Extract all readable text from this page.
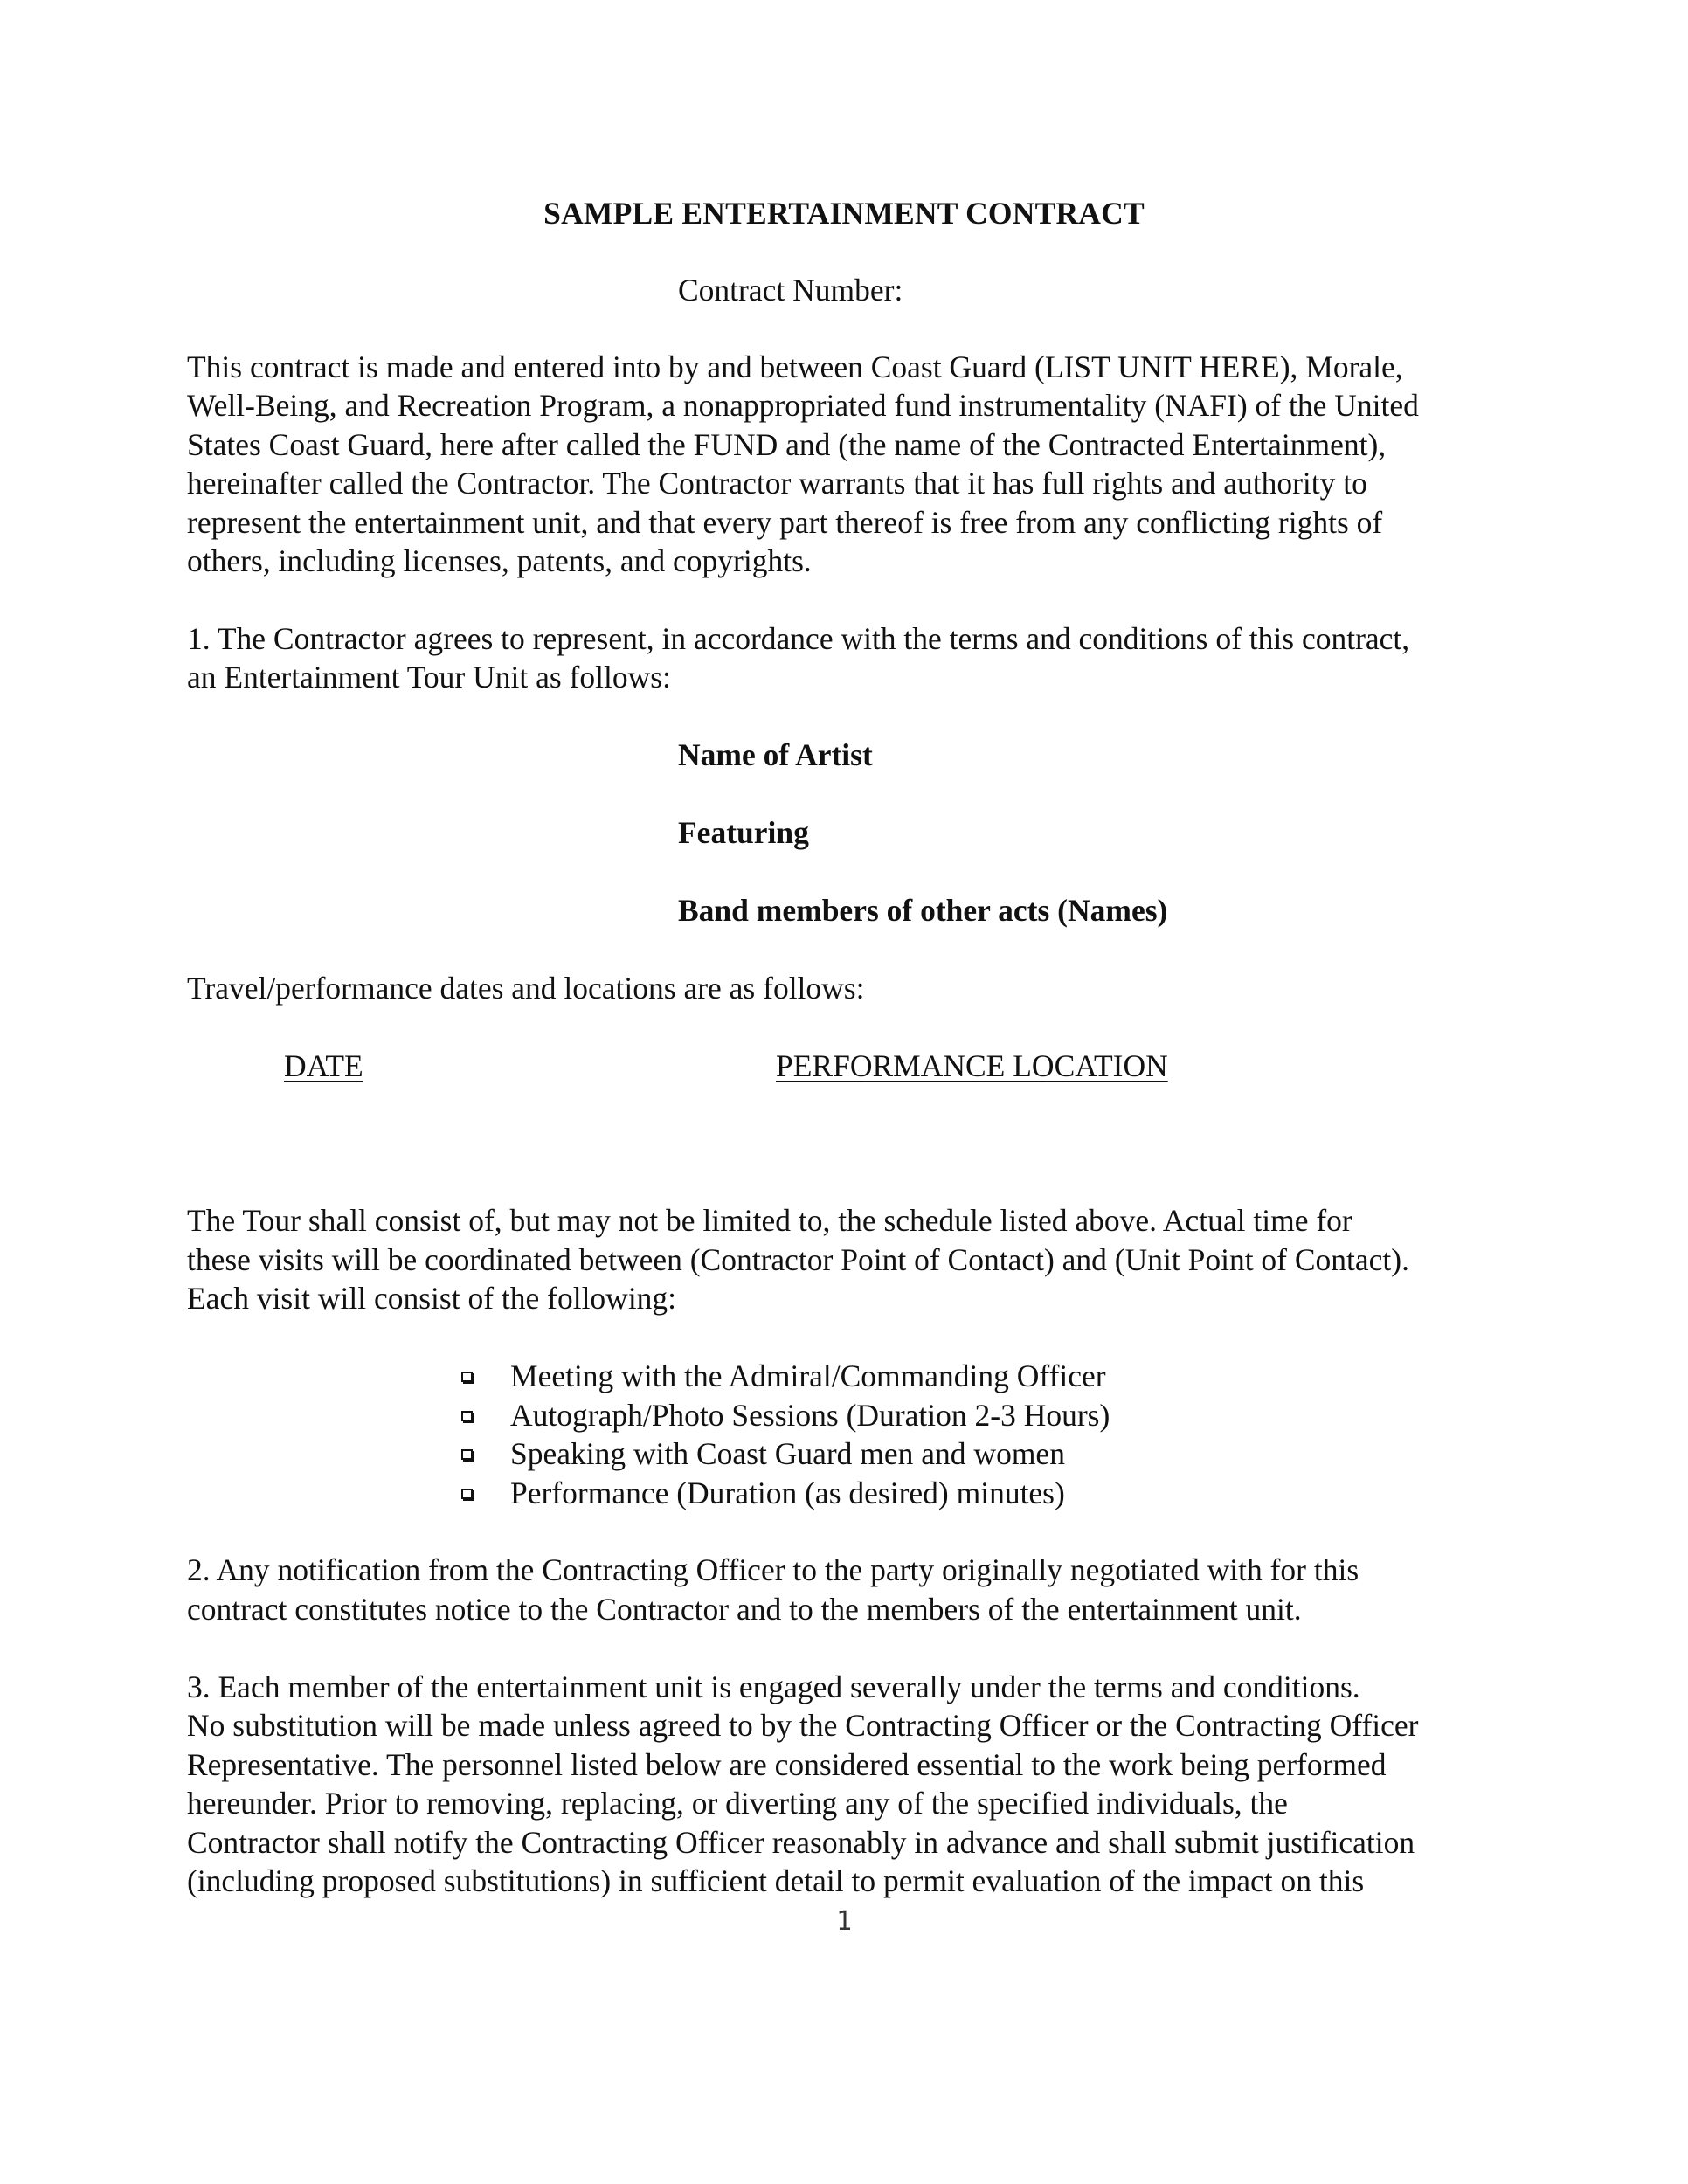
SAMPLE ENTERTAINMENT CONTRACT
Contract Number:
This contract is made and entered into by and between Coast Guard (LIST UNIT HERE), Morale,
Well-Being, and Recreation Program, a nonappropriated fund instrumentality (NAFI) of the United
States Coast Guard, here after called the FUND and (the name of the Contracted Entertainment),
hereinafter called the Contractor. The Contractor warrants that it has full rights and authority to
represent the entertainment unit, and that every part thereof is free from any conflicting rights of
others, including licenses, patents, and copyrights.
1. The Contractor agrees to represent, in accordance with the terms and conditions of this contract,
an Entertainment Tour Unit as follows:
Name of Artist
Featuring
Band members of other acts (Names)
Travel/performance dates and locations are as follows:
DATE	PERFORMANCE LOCATION
The Tour shall consist of, but may not be limited to, the schedule listed above. Actual time for
these visits will be coordinated between (Contractor Point of Contact) and (Unit Point of Contact).
Each visit will consist of the following:
Meeting with the Admiral/Commanding Officer
Autograph/Photo Sessions (Duration 2-3 Hours)
Speaking with Coast Guard men and women
Performance (Duration (as desired) minutes)
2. Any notification from the Contracting Officer to the party originally negotiated with for this
contract constitutes notice to the Contractor and to the members of the entertainment unit.
3. Each member of the entertainment unit is engaged severally under the terms and conditions.
No substitution will be made unless agreed to by the Contracting Officer or the Contracting Officer
Representative. The personnel listed below are considered essential to the work being performed
hereunder. Prior to removing, replacing, or diverting any of the specified individuals, the
Contractor shall notify the Contracting Officer reasonably in advance and shall submit justification
(including proposed substitutions) in sufficient detail to permit evaluation of the impact on this
1
